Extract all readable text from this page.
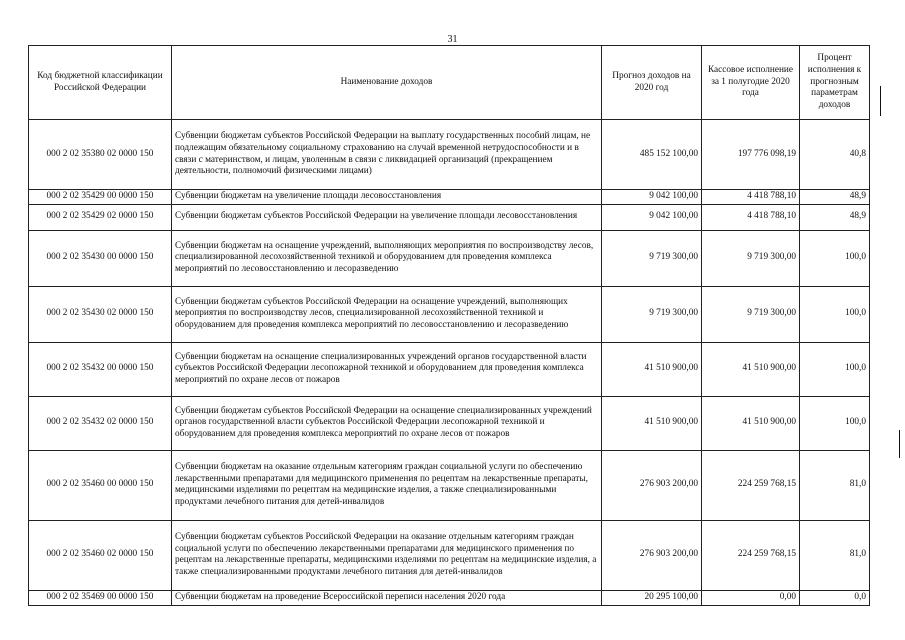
31
Код бюджетной классификации Российской Федерации	Наименование доходов	Прогноз доходов на 2020 год	Кассовое исполнение за 1 полугодие 2020 года	Процент исполнения к прогнозным параметрам доходов
000 2 02 35380 02 0000 150	Субвенции бюджетам субъектов Российской Федерации на выплату государственных пособий лицам, не подлежащим обязательному социальному страхованию на случай временной нетрудоспособности и в связи с материнством, и лицам, уволенным в связи с ликвидацией организаций (прекращением деятельности, полномочий физическими лицами)	485 152 100,00	197 776 098,19	40,8
000 2 02 35429 00 0000 150	Субвенции бюджетам на увеличение площади лесовосстановления	9 042 100,00	4 418 788,10	48,9
000 2 02 35429 02 0000 150	Субвенции бюджетам субъектов Российской Федерации на увеличение площади лесовосстановления	9 042 100,00	4 418 788,10	48,9
000 2 02 35430 00 0000 150	Субвенции бюджетам на оснащение учреждений, выполняющих мероприятия по воспроизводству лесов, специализированной лесохозяйственной техникой и оборудованием для проведения комплекса мероприятий по лесовосстановлению и лесоразведению	9 719 300,00	9 719 300,00	100,0
000 2 02 35430 02 0000 150	Субвенции бюджетам субъектов Российской Федерации на оснащение учреждений, выполняющих мероприятия по воспроизводству лесов, специализированной лесохозяйственной техникой и оборудованием для проведения комплекса мероприятий по лесовосстановлению и лесоразведению	9 719 300,00	9 719 300,00	100,0
000 2 02 35432 00 0000 150	Субвенции бюджетам на оснащение специализированных учреждений органов государственной власти субъектов Российской Федерации лесопожарной техникой и оборудованием для проведения комплекса мероприятий по охране лесов от пожаров	41 510 900,00	41 510 900,00	100,0
000 2 02 35432 02 0000 150	Субвенции бюджетам субъектов Российской Федерации на оснащение специализированных учреждений органов государственной власти субъектов Российской Федерации лесопожарной техникой и оборудованием для проведения комплекса мероприятий по охране лесов от пожаров	41 510 900,00	41 510 900,00	100,0
000 2 02 35460 00 0000 150	Субвенции бюджетам на оказание отдельным категориям граждан социальной услуги по обеспечению лекарственными препаратами для медицинского применения по рецептам на лекарственные препараты, медицинскими изделиями по рецептам на медицинские изделия, а также специализированными продуктами лечебного питания для детей-инвалидов	276 903 200,00	224 259 768,15	81,0
000 2 02 35460 02 0000 150	Субвенции бюджетам субъектов Российской Федерации на оказание отдельным категориям граждан социальной услуги по обеспечению лекарственными препаратами для медицинского применения по рецептам на лекарственные препараты, медицинскими изделиями по рецептам на медицинские изделия, а также специализированными продуктами лечебного питания для детей-инвалидов	276 903 200,00	224 259 768,15	81,0
000 2 02 35469 00 0000 150	Субвенции бюджетам на проведение Всероссийской переписи населения 2020 года	20 295 100,00	0,00	0,0
